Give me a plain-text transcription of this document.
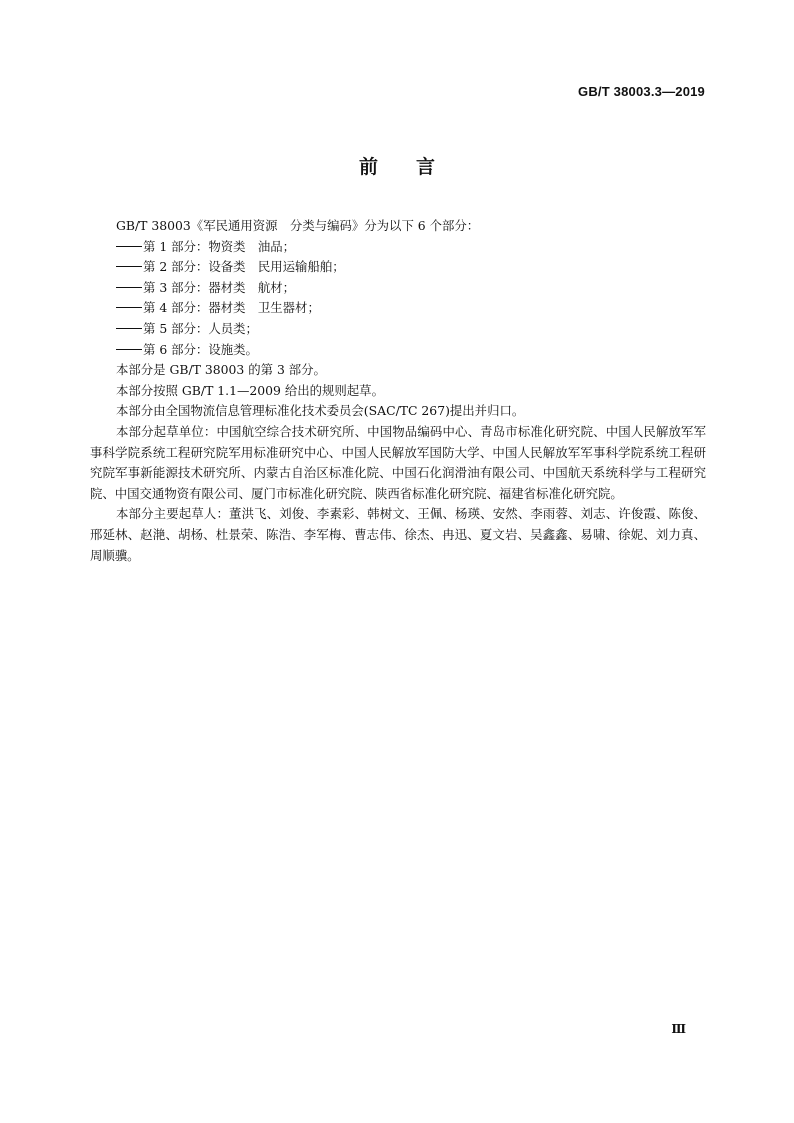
GB/T 38003.3—2019
前 言

GB/T 38003《军民通用资源　分类与编码》分为以下 6 个部分：

第 1 部分：物资类　油品；

第 2 部分：设备类　民用运输船舶；

第 3 部分：器材类　航材；

第 4 部分：器材类　卫生器材；

第 5 部分：人员类；

第 6 部分：设施类。

本部分是 GB/T 38003 的第 3 部分。

本部分按照 GB/T 1.1—2009 给出的规则起草。

本部分由全国物流信息管理标准化技术委员会(SAC/TC 267)提出并归口。

本部分起草单位：中国航空综合技术研究所、中国物品编码中心、青岛市标准化研究院、中国人民解放军军事科学院系统工程研究院军用标准研究中心、中国人民解放军国防大学、中国人民解放军军事科学院系统工程研究院军事新能源技术研究所、内蒙古自治区标准化院、中国石化润滑油有限公司、中国航天系统科学与工程研究院、中国交通物资有限公司、厦门市标准化研究院、陕西省标准化研究院、福建省标准化研究院。

本部分主要起草人：董洪飞、刘俊、李素彩、韩树文、王佩、杨瑛、安然、李雨蓉、刘志、许俊霞、陈俊、邢延林、赵滟、胡杨、杜景荣、陈浩、李军梅、曹志伟、徐杰、冉迅、夏文岩、吴鑫鑫、易啸、徐妮、刘力真、周顺骥。

Ⅲ
